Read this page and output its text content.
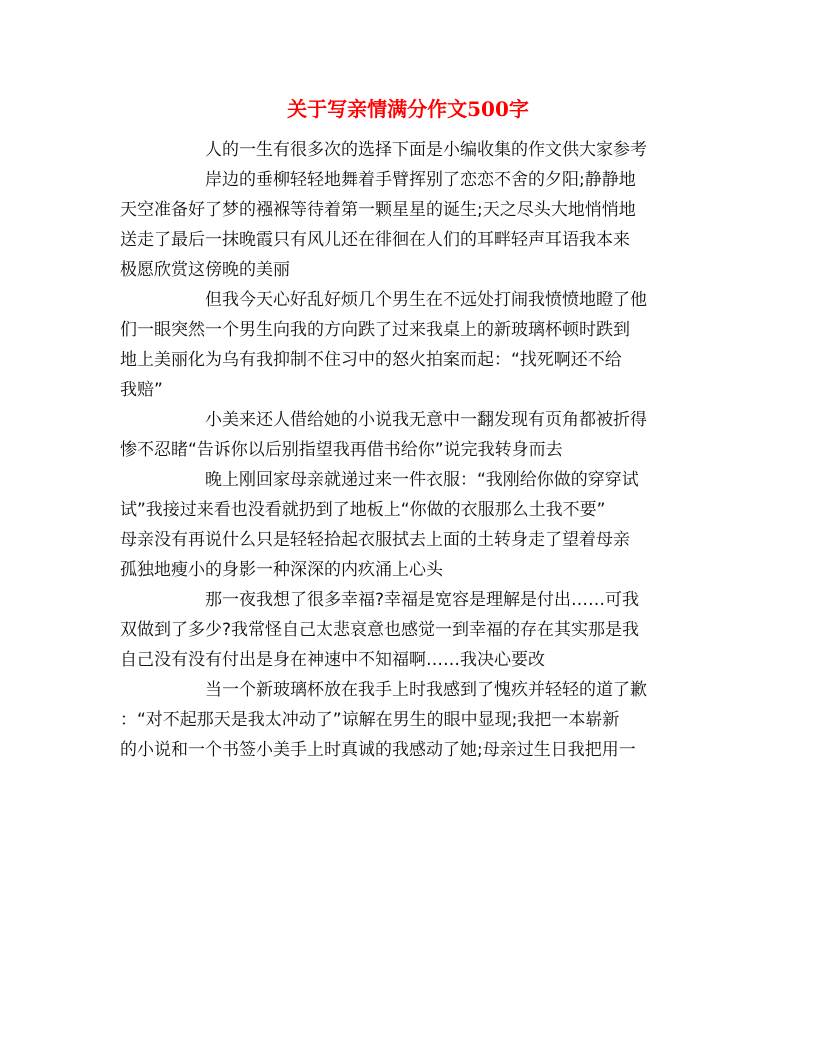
关于写亲情满分作文500字
人的一生有很多次的选择下面是小编收集的作文供大家参考
岸边的垂柳轻轻地舞着手臂挥别了恋恋不舍的夕阳;静静地
天空准备好了梦的襁褓等待着第一颗星星的诞生;天之尽头大地悄悄地
送走了最后一抹晚霞只有风儿还在徘徊在人们的耳畔轻声耳语我本来
极愿欣赏这傍晚的美丽
但我今天心好乱好烦几个男生在不远处打闹我愤愤地瞪了他
们一眼突然一个男生向我的方向跌了过来我桌上的新玻璃杯顿时跌到
地上美丽化为乌有我抑制不住习中的怒火拍案而起：“找死啊还不给
我赔”
小美来还人借给她的小说我无意中一翻发现有页角都被折得
惨不忍睹“告诉你以后别指望我再借书给你”说完我转身而去
晚上刚回家母亲就递过来一件衣服：“我刚给你做的穿穿试
试”我接过来看也没看就扔到了地板上“你做的衣服那么土我不要”
母亲没有再说什么只是轻轻拾起衣服拭去上面的土转身走了望着母亲
孤独地瘦小的身影一种深深的内疚涌上心头
那一夜我想了很多幸福?幸福是宽容是理解是付出……可我
双做到了多少?我常怪自己太悲哀意也感觉一到幸福的存在其实那是我
自己没有没有付出是身在神速中不知福啊……我决心要改
当一个新玻璃杯放在我手上时我感到了愧疚并轻轻的道了歉
：“对不起那天是我太冲动了”谅解在男生的眼中显现;我把一本崭新
的小说和一个书签小美手上时真诚的我感动了她;母亲过生日我把用一
